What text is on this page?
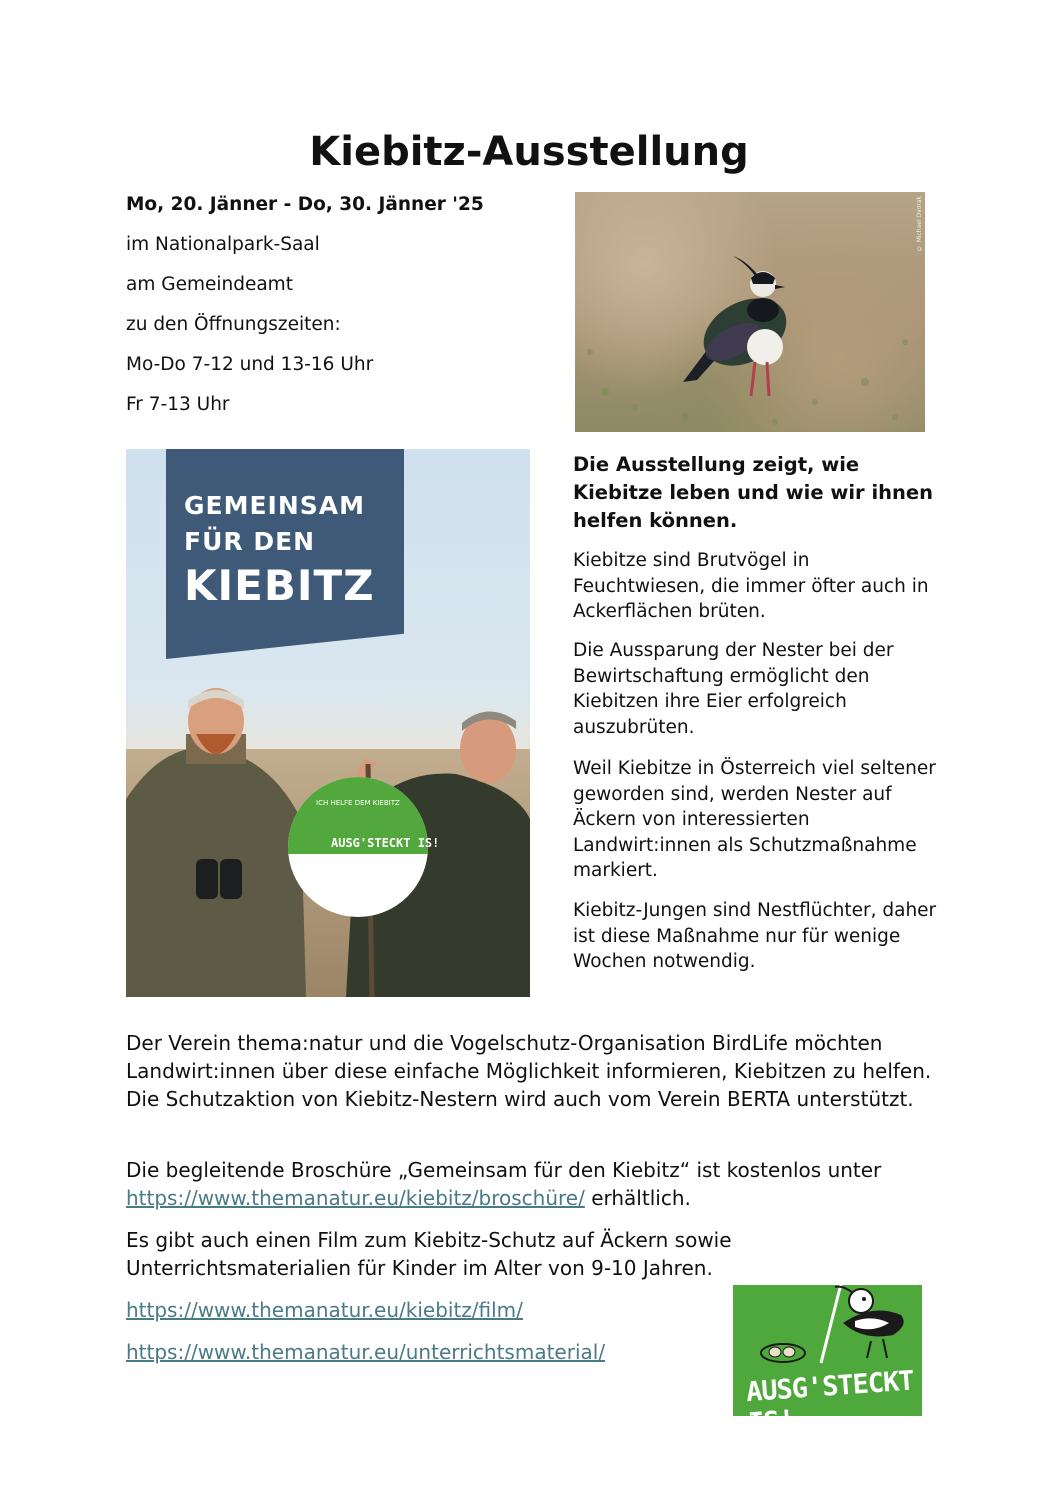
Kiebitz-Ausstellung
Mo, 20. Jänner - Do, 30. Jänner '25
im Nationalpark-Saal
am Gemeindeamt
zu den Öffnungszeiten:
Mo-Do 7-12 und 13-16 Uhr
Fr 7-13 Uhr
© Michael Dvorak
GEMEINSAM
FÜR DEN
KIEBITZ
ICH HELFE DEM KIEBITZ
AUSG'STECKT IS!
Die Ausstellung zeigt, wie Kiebitze leben und wie wir ihnen helfen können.
Kiebitze sind Brutvögel in Feuchtwiesen, die immer öfter auch in Ackerflächen brüten.
Die Aussparung der Nester bei der Bewirtschaftung ermöglicht den Kiebitzen ihre Eier erfolgreich auszubrüten.
Weil Kiebitze in Österreich viel seltener geworden sind, werden Nester auf Äckern von interessierten Landwirt:innen als Schutzmaßnahme markiert.
Kiebitz-Jungen sind Nestflüchter, daher ist diese Maßnahme nur für wenige Wochen notwendig.
Der Verein thema:natur und die Vogelschutz-Organisation BirdLife möchten Landwirt:innen über diese einfache Möglichkeit informieren, Kiebitzen zu helfen. Die Schutzaktion von Kiebitz-Nestern wird auch vom Verein BERTA unterstützt.
Die begleitende Broschüre „Gemeinsam für den Kiebitz“ ist kostenlos unter
https://www.themanatur.eu/kiebitz/broschüre/ erhältlich.
Es gibt auch einen Film zum Kiebitz-Schutz auf Äckern sowie Unterrichtsmaterialien für Kinder im Alter von 9-10 Jahren.
https://www.themanatur.eu/kiebitz/film/
https://www.themanatur.eu/unterrichtsmaterial/
AUSG'STECKT IS!
